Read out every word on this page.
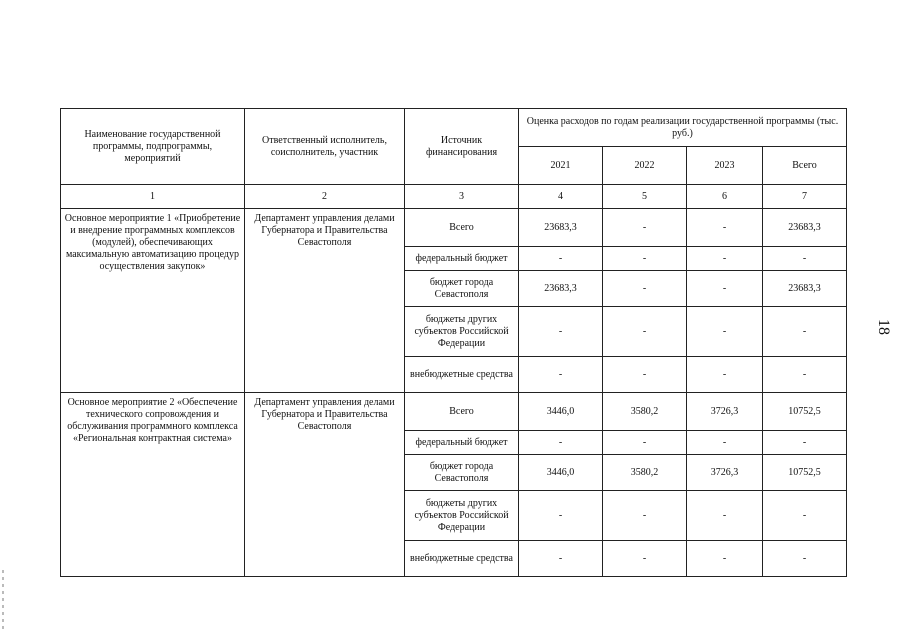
Наименование государственной программы, подпрограммы, мероприятий	Ответственный исполнитель, соисполнитель, участник	Источник финансирования	Оценка расходов по годам реализации государственной программы (тыс. руб.)			
			2021	2022	2023	Всего
1	2	3	4	5	6	7
Основное мероприятие 1 «Приобретение и внедрение программных комплексов (модулей), обеспечивающих максимальную автоматизацию процедур осуществления закупок»	Департамент управления делами Губернатора и Правительства Севастополя	Всего	23683,3	-	-	23683,3
		федеральный бюджет	-	-	-	-
		бюджет города Севастополя	23683,3	-	-	23683,3
		бюджеты других субъектов Российской Федерации	-	-	-	-
		внебюджетные средства	-	-	-	-
Основное мероприятие 2 «Обеспечение технического сопровождения и обслуживания программного комплекса «Региональная контрактная система»	Департамент управления делами Губернатора и Правительства Севастополя	Всего	3446,0	3580,2	3726,3	10752,5
		федеральный бюджет	-	-	-	-
		бюджет города Севастополя	3446,0	3580,2	3726,3	10752,5
		бюджеты других субъектов Российской Федерации	-	-	-	-
		внебюджетные средства	-	-	-	-
18
